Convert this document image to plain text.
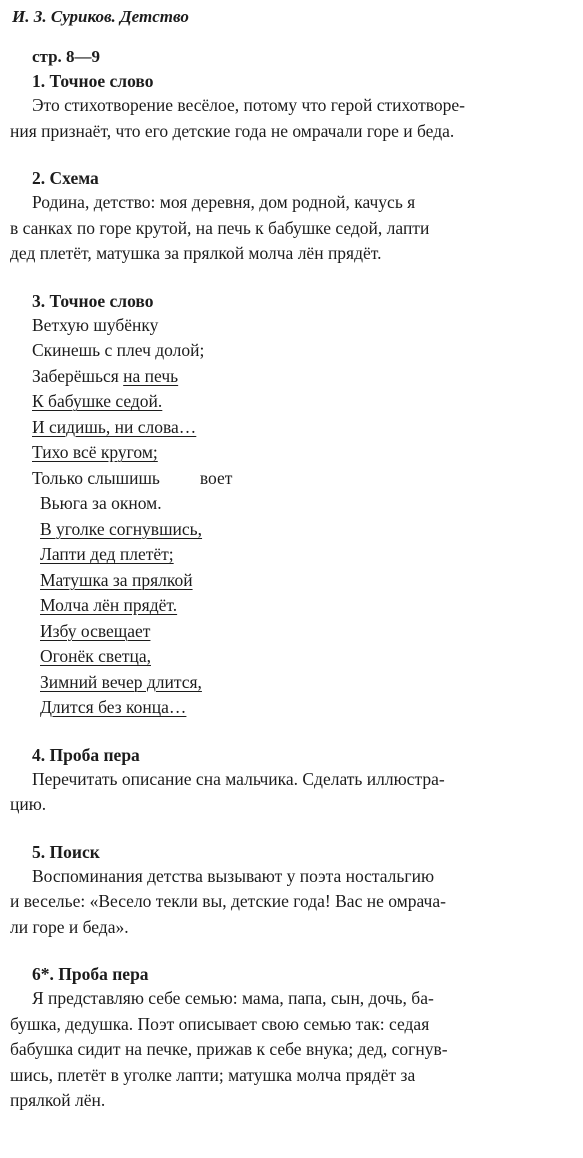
И. З. Суриков. Детство
стр. 8—9
1. Точное слово

Это стихотворение весёлое, потому что герой стихотворе-
ния признаёт, что его детские года не омрачали горе и беда.

2. Схема

Родина, детство: моя деревня, дом родной, качусь я
в санках по горе крутой, на печь к бабушке седой, лапти
дед плетёт, матушка за прялкой молча лён прядёт.

3. Точное слово
Ветхую шубёнку
Скинешь с плеч долой;
Заберёшься на печь
К бабушке седой.
И сидишь, ни слова…
Тихо всё кругом;
Только слышишь воет
Вьюга за окном.
В уголке согнувшись,
Лапти дед плетёт;
Матушка за прялкой
Молча лён прядёт.
Избу освещает
Огонёк светца,
Зимний вечер длится,
Длится без конца…
4. Проба пера

Перечитать описание сна мальчика. Сделать иллюстра-
цию.

5. Поиск

Воспоминания детства вызывают у поэта ностальгию
и веселье: «Весело текли вы, детские года! Вас не омрача-
ли горе и беда».

6*. Проба пера

Я представляю себе семью: мама, папа, сын, дочь, ба-
бушка, дедушка. Поэт описывает свою семью так: седая
бабушка сидит на печке, прижав к себе внука; дед, согнув-
шись, плетёт в уголке лапти; матушка молча прядёт за
прялкой лён.
